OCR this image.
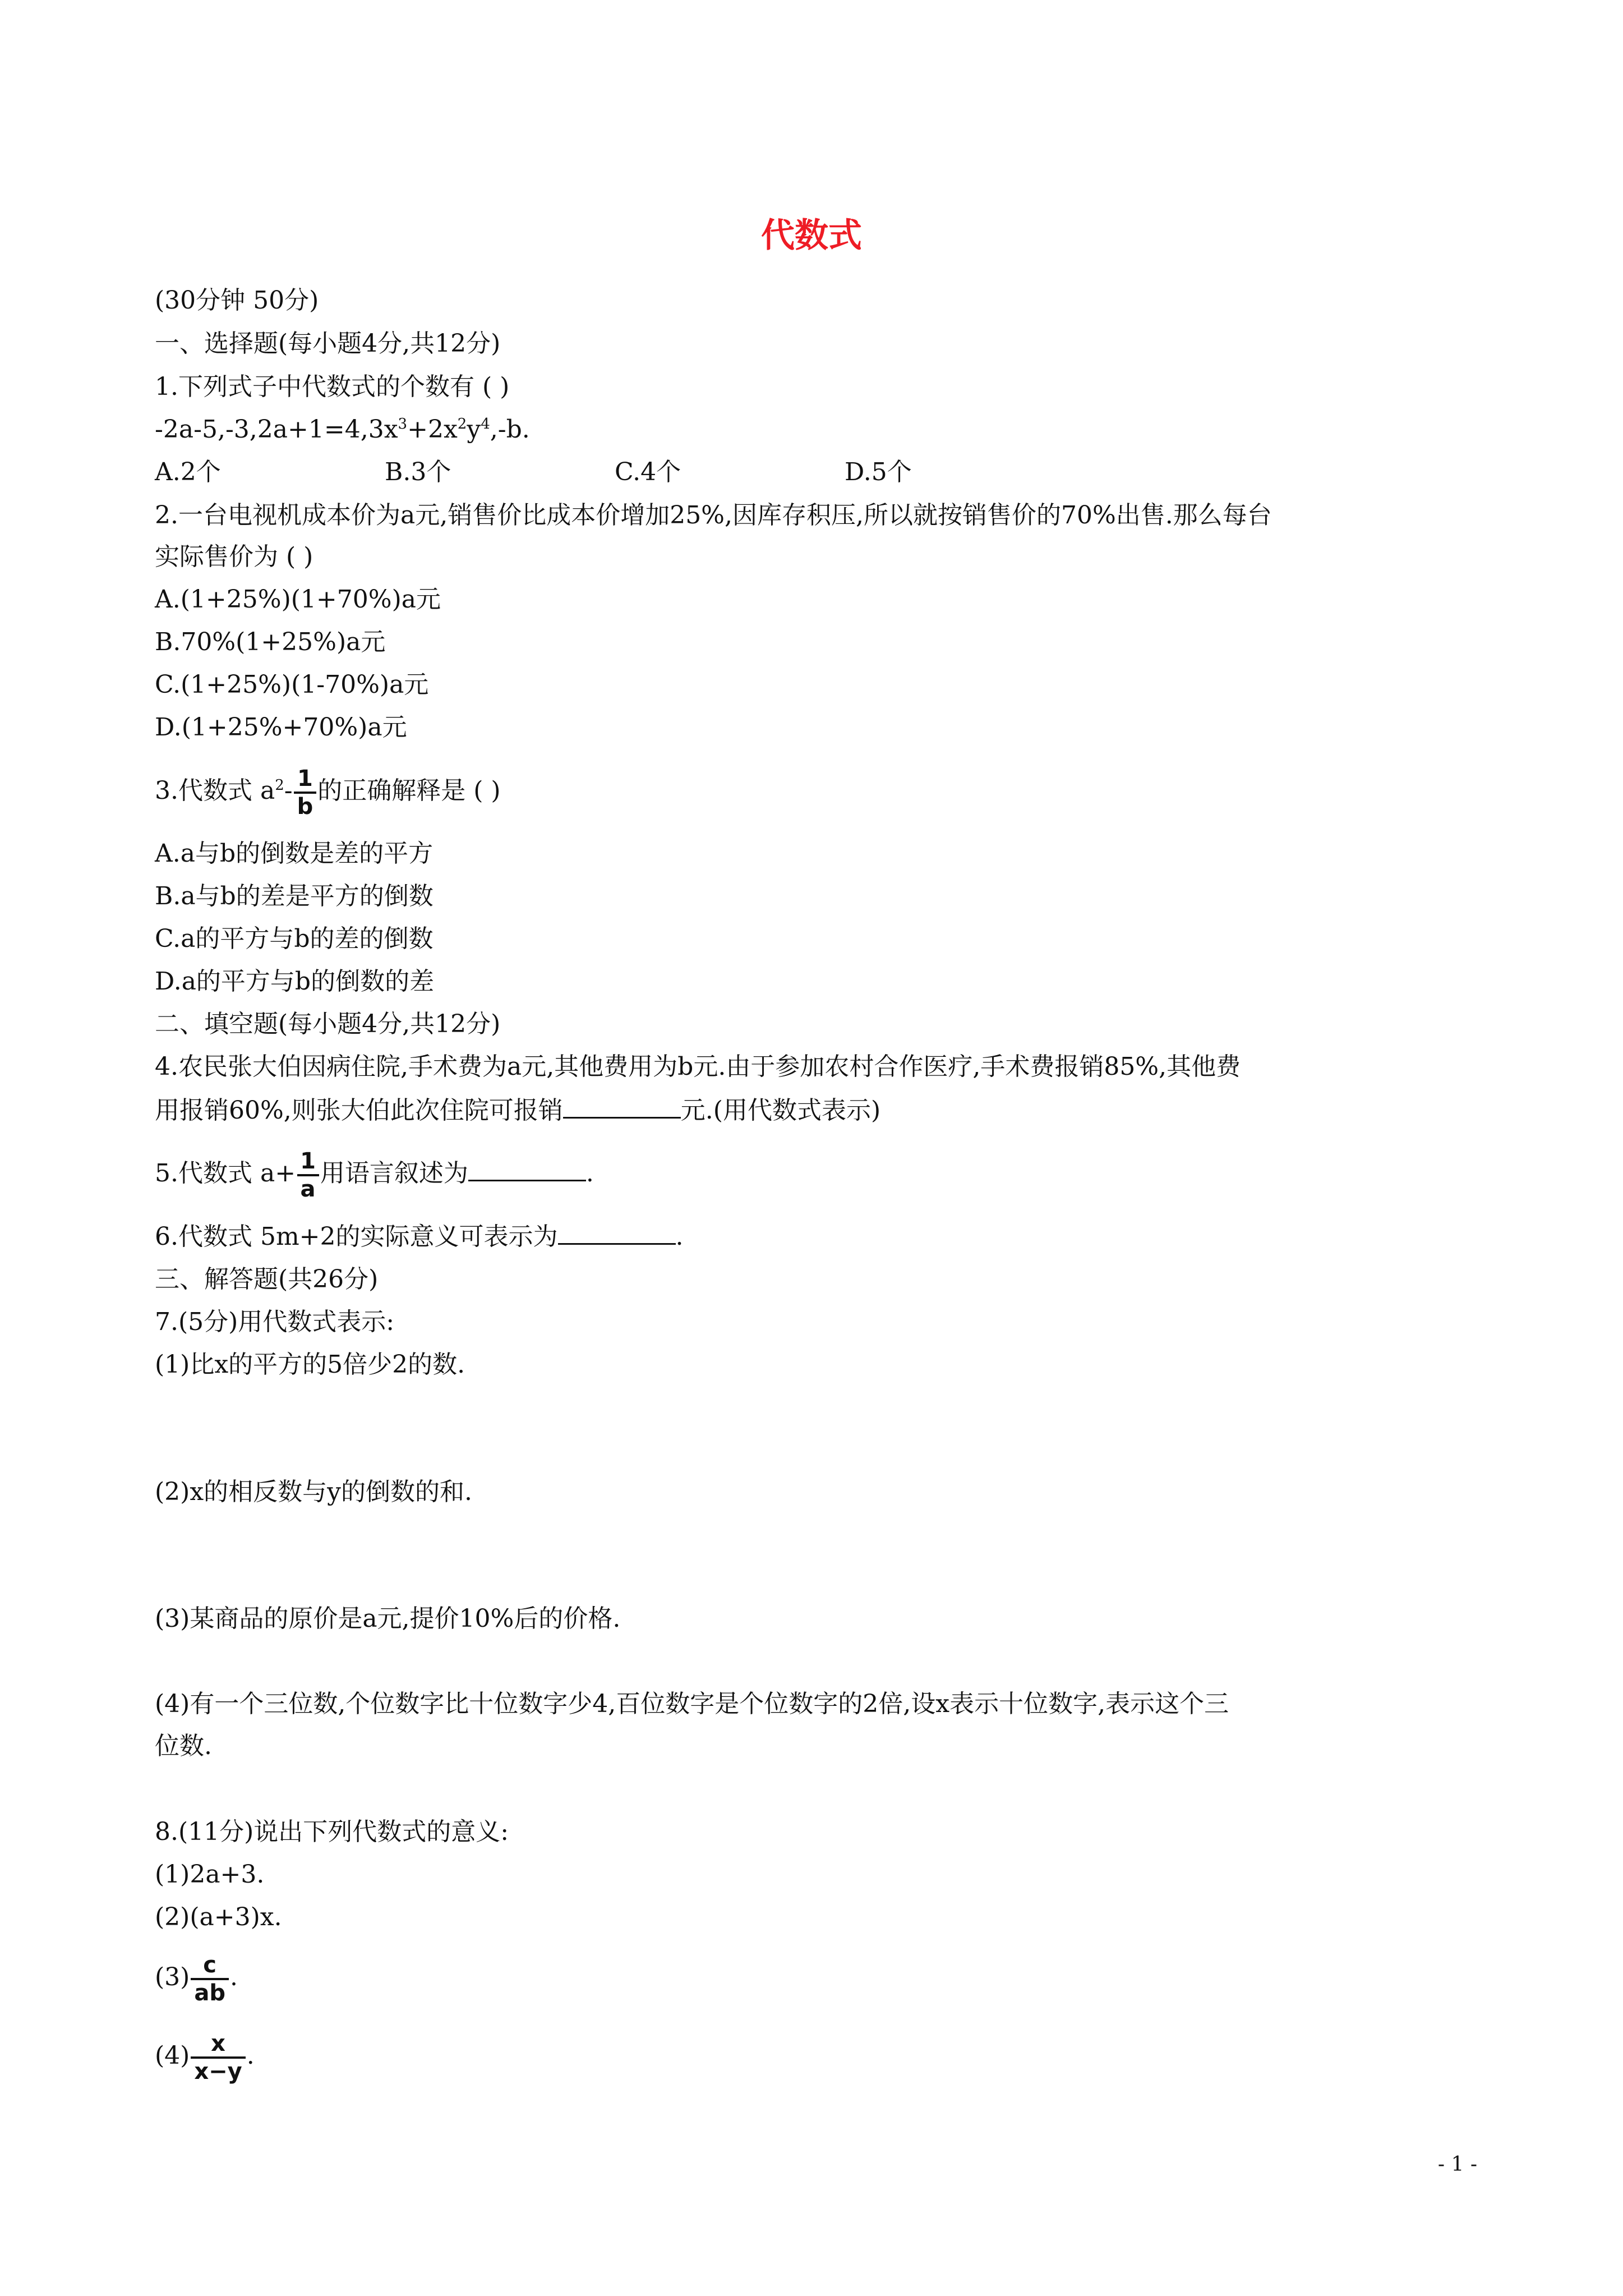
代数式

(30分钟 50分)

一、选择题(每小题4分,共12分)

1.下列式子中代数式的个数有 ( )

$-2a-5,-3,2a+1=4,3x^3+2x^2y^4,-b$.

A.2个	B.3个	C.4个	D.5个

2.一台电视机成本价为a元,销售价比成本价增加25%,因库存积压,所以就按销售价的70%出售.那么每台

实际售价为 ( )

A.(1+25%)(1+70%)a元

B.70%(1+25%)a元

C.(1+25%)(1-70%)a元

D.(1+25%+70%)a元

3.代数式 $a^2- \frac{1}{b}$ 的正确解释是 ( )

A.a与b的倒数是差的平方

B.a与b的差是平方的倒数

C.a的平方与b的差的倒数

D.a的平方与b的倒数的差

二、填空题(每小题4分,共12分)

4.农民张大伯因病住院,手术费为a元,其他费用为b元.由于参加农村合作医疗,手术费报销85%,其他费

用报销60%,则张大伯此次住院可报销	元.(用代数式表示)

5.代数式 $a+ \frac{1}{a}$ 用语言叙述为	.

6.代数式 5m+2的实际意义可表示为	.

三、解答题(共26分)

7.(5分)用代数式表示:

(1)比x的平方的5倍少2的数.

(2)x的相反数与y的倒数的和.

(3)某商品的原价是a元,提价10%后的价格.

(4)有一个三位数,个位数字比十位数字少4,百位数字是个位数字的2倍,设x表示十位数字,表示这个三

位数.

8.(11分)说出下列代数式的意义:

(1)2a+3.

(2)(a+3)x.

$(3) \frac{c}{ab}$ .

$(4) \frac{x}{x-y}$ .

- 1 -
